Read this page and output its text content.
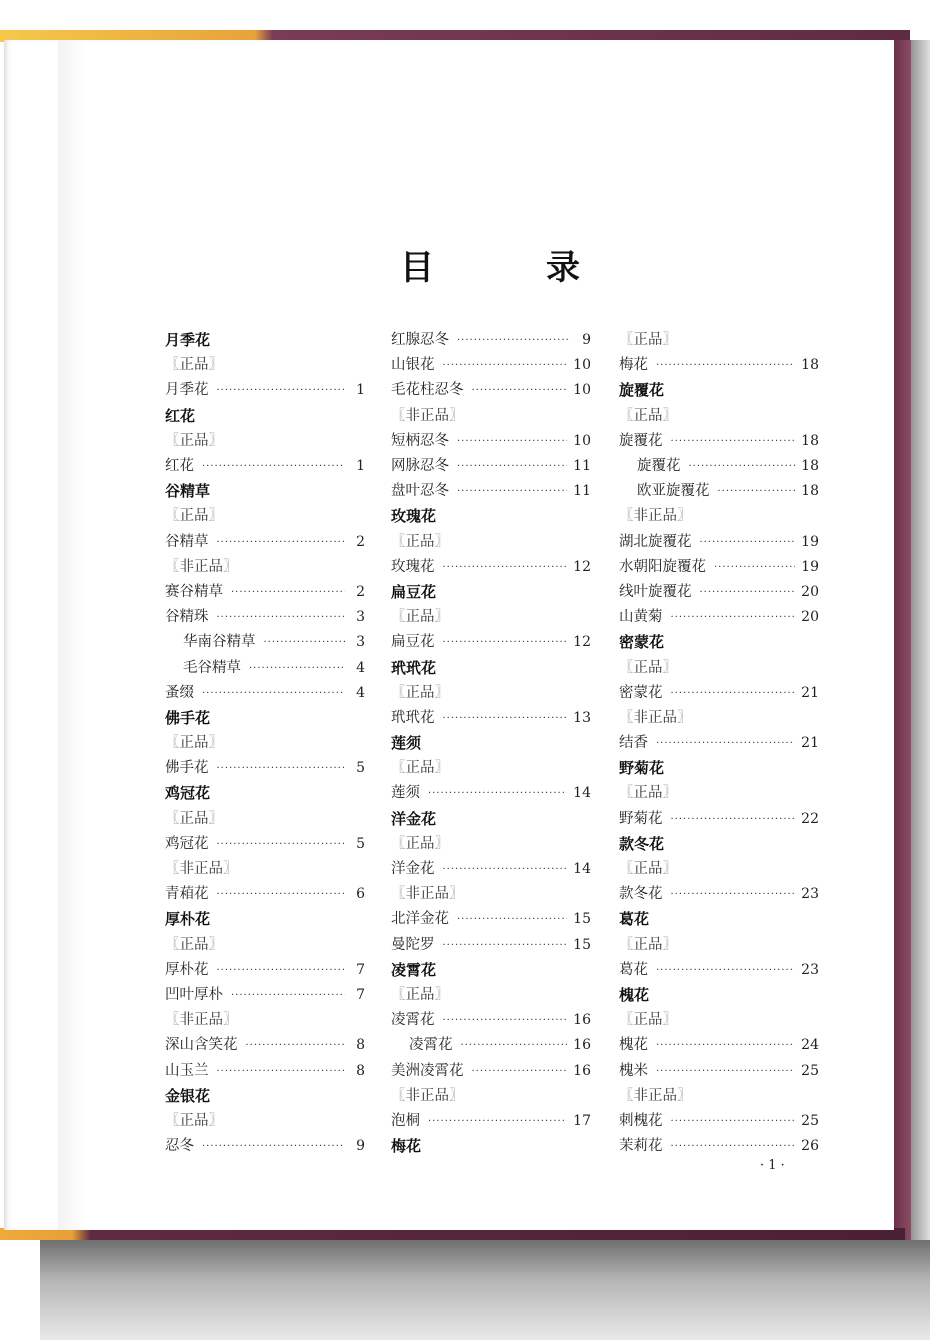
目	录
月季花
〖 正品 〗
月季花 ·····	1
红花
〖 正品 〗
红花 ·····	1
谷精草
〖 正品 〗
谷精草 ·····	2
〖 非正品 〗
赛谷精草 ·····	2
谷精珠 ·····	3
华南谷精草 ·····	3
毛谷精草 ·····	4
蚤缀 ·····	4
佛手花
〖 正品 〗
佛手花 ·····	5
鸡冠花
〖 正品 〗
鸡冠花 ·····	5
〖 非正品 〗
青葙花 ·····	6
厚朴花
〖 正品 〗
厚朴花 ·····	7
凹叶厚朴 ·····	7
〖 非正品 〗
深山含笑花 ·····	8
山玉兰 ·····	8
金银花
〖 正品 〗
忍冬 ·····	9
红腺忍冬 ·····	9
山银花 ·····	10
毛花柱忍冬 ·····	10
〖 非正品 〗
短柄忍冬 ·····	10
网脉忍冬 ·····	11
盘叶忍冬 ·····	11
玫瑰花
〖 正品 〗
玫瑰花 ·····	12
扁豆花
〖 正品 〗
扁豆花 ·····	12
玳玳花
〖 正品 〗
玳玳花 ·····	13
莲须
〖 正品 〗
莲须 ·····	14
洋金花
〖 正品 〗
洋金花 ·····	14
〖 非正品 〗
北洋金花 ·····	15
曼陀罗 ·····	15
凌霄花
〖 正品 〗
凌霄花 ·····	16
凌霄花 ·····	16
美洲凌霄花 ·····	16
〖 非正品 〗
泡桐 ·····	17
梅花
〖 正品 〗
梅花 ·····	18
旋覆花
〖 正品 〗
旋覆花 ·····	18
旋覆花 ·····	18
欧亚旋覆花 ·····	18
〖 非正品 〗
湖北旋覆花 ·····	19
水朝阳旋覆花 ·····	19
线叶旋覆花 ·····	20
山黄菊 ·····	20
密蒙花
〖 正品 〗
密蒙花 ·····	21
〖 非正品 〗
结香 ·····	21
野菊花
〖 正品 〗
野菊花 ·····	22
款冬花
〖 正品 〗
款冬花 ·····	23
葛花
〖 正品 〗
葛花 ·····	23
槐花
〖 正品 〗
槐花 ·····	24
槐米 ·····	25
〖 非正品 〗
刺槐花 ·····	25
茉莉花 ·····	26
· 1 ·
